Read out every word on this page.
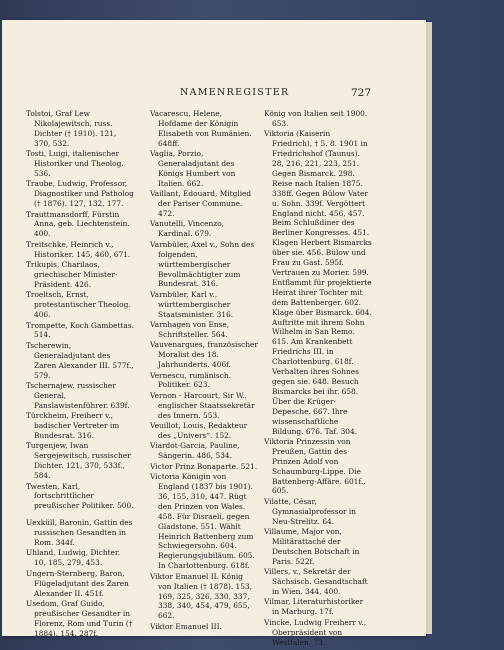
NAMENREGISTER	727

Tolstoi, Graf Lew Nikolajewitsch, russ. Dichter († 1910). 121, 370, 532.

Tosti, Luigi, italienischer Historiker und Theolog. 536.

Traube, Ludwig, Professor, Diagnostiker und Patholog († 1876). 127, 132, 177.

Trauttmansdorff, Fürstin Anna, geb. Liechtenstein. 400.

Treitschke, Heinrich v., Historiker. 145, 460, 671.

Trikupis, Charilaos, griechischer Minister-Präsident. 426.

Troeltsch, Ernst, protestantischer Theolog. 406.

Trompette, Koch Gambettas. 514.

Tscherewin, Generaladjutant des Zaren Alexander III. 577f., 579.

Tschernajew, russischer General, Panslawistenführer. 639f.

Türckheim, Freiherr v., badischer Vertreter im Bundesrat. 316.

Turgenjew, Iwan Sergejewitsch, russischer Dichter. 121, 370, 533f., 584.

Twesten, Karl, fortschrittlicher preußischer Politiker. 500.

Uexküll, Baronin, Gattin des russischen Gesandten in Rom. 344f.

Uhland, Ludwig, Dichter. 10, 185, 279, 453.

Ungern-Sternberg, Baron, Flügeladjutant des Zaren Alexander II. 451f.

Usedom, Graf Guido, preußischer Gesandter in Florenz, Rom und Turin († 1884). 154, 287f.

Vacarescu, Helene, Hofdame der Königin Elisabeth von Rumänien. 648ff.

Vaglia, Porzio, Generaladjutant des Königs Humbert von Italien. 662.

Vaillant, Edouard, Mitglied der Pariser Commune. 472.

Vanutelli, Vincenzo, Kardinal. 679.

Varnbüler, Axel v., Sohn des folgenden, württembergischer Bevollmächtigter zum Bundesrat. 316.

Varnbüler, Karl v., württembergischer Staatsminister. 316.

Varnhagen von Ense, Schriftsteller. 564.

Vauvenargues, französischer Moralist des 18. Jahrhunderts. 406f.

Vernescu, rumänisch. Politiker. 623.

Vernon - Harcourt, Sir W., englischer Staatssekretär des Innern. 553.

Veuillot, Louis, Redakteur des „Univers“. 152.

Viardot-Garcia, Pauline, Sängerin. 486, 534.

Victor Prinz Bonaparte. 521.

Victoria Königin von England (1837 bis 1901). 36, 155, 310, 447. Rügt den Prinzen von Wales. 458. Für Disraeli, gegen Gladstone. 551. Wählt Heinrich Battenberg zum Schwiegersohn. 604. Regierungsjubiläum. 605. In Charlottenburg. 618f.

Viktor Emanuel II. König von Italien († 1878). 153, 169, 325, 326, 330, 337, 338, 340, 454, 479, 655, 662.

Viktor Emanuel III.

König von Italien seit 1900. 653.

Viktoria (Kaiserin Friedrich), † 5. 8. 1901 in Friedrichshof (Taunus). 28, 216, 221, 223, 251. Gegen Bismarck. 298. Reise nach Italien 1875. 338ff. Gegen Bülow Vater u. Sohn. 339f. Vergöttert England nicht. 456, 457. Beim Schlußdiner des Berliner Kongresses. 451. Klagen Herbert Bismarcks über sie. 456. Bülow und Frau zu Gast. 595f. Vertrauen zu Morier. 599. Entflammt für projektierte Heirat ihrer Tochter mit dem Battenberger. 602. Klage über Bismarck. 604. Auftritte mit ihrem Sohn Wilhelm in San Remo. 615. Am Krankenbett Friedrichs III. in Charlottenburg. 618f. Verhalten ihres Sohnes gegen sie. 648. Besuch Bismarcks bei ihr. 658. Über die Krüger-Depesche. 667. Ihre wissenschaftliche Bildung. 676. Taf. 304.

Viktoria Prinzessin von Preußen, Gattin des Prinzen Adolf von Schaumburg-Lippe. Die Battenberg-Affäre. 601f., 605.

Vilatte, César, Gymnasialprofessor in Neu-Strelitz. 64.

Villaume, Major von, Militärattaché der Deutschen Botschaft in Paris. 522f.

Villers, v., Sekretär der Sächsisch. Gesandtschaft in Wien. 344, 400.

Vilmar, Literaturhistoriker in Marburg. 17f.

Vincke, Ludwig Freiherr v., Oberpräsident von Westfalen. 73.
